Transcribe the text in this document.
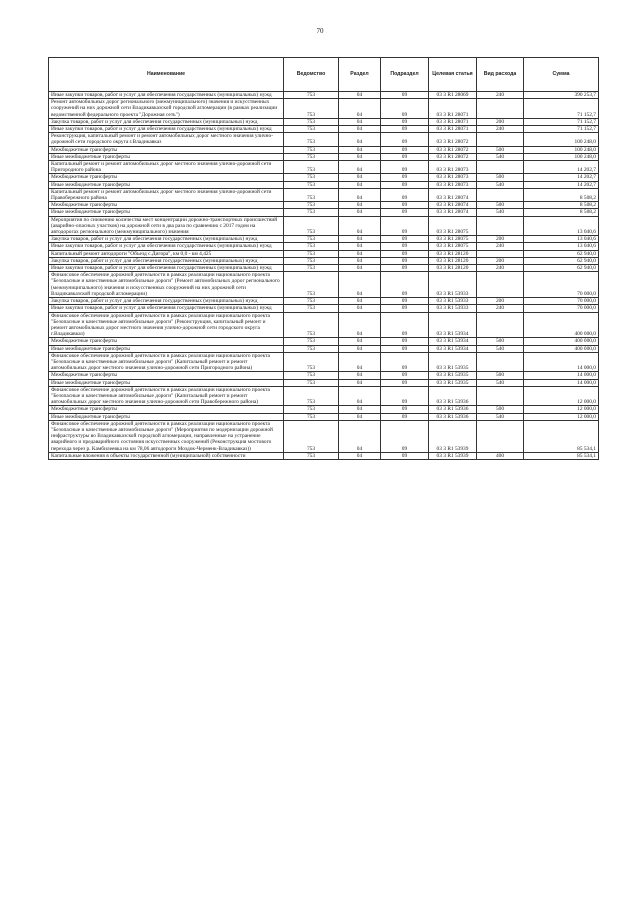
70
Наименование	Ведомство	Раздел	Подраздел	Целевая статья	Вид расхода	Сумма
Иные закупки товаров, работ и услуг для обеспечения государственных (муниципальных) нужд	753	04	09	03 3 R1 28069	240	390 253,7
Ремонт автомобильных дорог регионального (межмуниципального) значения и искусственных сооружений на них дорожной сети Владикавказской городской агломерации (в рамках реализации ведомственной федерального проекта "Дорожная сеть")	753	04	09	03 3 R1 28071		71 152,7
Закупка товаров, работ и услуг для обеспечения государственных (муниципальных) нужд	753	04	09	03 3 R1 28071	200	71 152,7
Иные закупки товаров, работ и услуг для обеспечения государственных (муниципальных) нужд	753	04	09	03 3 R1 28071	240	71 152,7
Реконструкция, капитальный ремонт и ремонт автомобильных дорог местного значения улично-дорожной сети городского округа г.Владикавказ	753	04	09	03 3 R1 28072		100 248,0
Межбюджетные трансферты	753	04	09	03 3 R1 28072	500	100 248,0
Иные межбюджетные трансферты	753	04	09	03 3 R1 28072	540	100 248,0
Капитальный ремонт и ремонт автомобильных дорог местного значения улично-дорожной сети Пригородного района	753	04	09	03 3 R1 28073		14 202,7
Межбюджетные трансферты	753	04	09	03 3 R1 28073	500	14 202,7
Иные межбюджетные трансферты	753	04	09	03 3 R1 28073	540	14 202,7
Капитальный ремонт и ремонт автомобильных дорог местного значения улично-дорожной сети Правобережного района	753	04	09	03 3 R1 28074		8 508,2
Межбюджетные трансферты	753	04	09	03 3 R1 28074	500	8 508,2
Иные межбюджетные трансферты	753	04	09	03 3 R1 28074	540	8 508,2
Мероприятия по снижению количества мест концентрации дорожно-транспортных происшествий (аварийно-опасных участков) на дорожной сети в два раза по сравнению с 2017 годом на автодорогах регионального (межмуниципального) значения	753	04	09	03 3 R1 28075		13 040,6
Закупка товаров, работ и услуг для обеспечения государственных (муниципальных) нужд	753	04	09	03 3 R1 28075	200	13 040,6
Иные закупки товаров, работ и услуг для обеспечения государственных (муниципальных) нужд	753	04	09	03 3 R1 28075	240	13 040,6
Капитальный ремонт автодороги "Объезд с.Дигора", км 0,0 - км 4,425	753	04	09	03 3 R1 28120		62 940,0
Закупка товаров, работ и услуг для обеспечения государственных (муниципальных) нужд	753	04	09	03 3 R1 28120	200	62 940,0
Иные закупки товаров, работ и услуг для обеспечения государственных (муниципальных) нужд	753	04	09	03 3 R1 28120	240	62 940,0
Финансовое обеспечение дорожной деятельности в рамках реализации национального проекта "Безопасные и качественные автомобильные дороги" (Ремонт автомобильных дорог регионального (межмуниципального) значения и искусственных сооружений на них дорожной сети Владикавказской городской агломерации)	753	04	09	03 3 R1 53933		70 000,0
Закупка товаров, работ и услуг для обеспечения государственных (муниципальных) нужд	753	04	09	03 3 R1 53933	200	70 000,0
Иные закупки товаров, работ и услуг для обеспечения государственных (муниципальных) нужд	753	04	09	03 3 R1 53933	240	70 000,0
Финансовое обеспечение дорожной деятельности в рамках реализации национального проекта "Безопасные и качественные автомобильные дороги" (Реконструкция, капитальный ремонт и ремонт автомобильных дорог местного значения улично-дорожной сети городского округа г.Владикавказ)	753	04	09	03 3 R1 53934		400 000,0
Межбюджетные трансферты	753	04	09	03 3 R1 53934	500	400 000,0
Иные межбюджетные трансферты	753	04	09	03 3 R1 53934	540	400 000,0
Финансовое обеспечение дорожной деятельности в рамках реализации национального проекта "Безопасные и качественные автомобильные дороги" (Капитальный ремонт и ремонт автомобильных дорог местного значения улично-дорожной сети Пригородного района)	753	04	09	03 3 R1 53935		14 000,0
Межбюджетные трансферты	753	04	09	03 3 R1 53935	500	14 000,0
Иные межбюджетные трансферты	753	04	09	03 3 R1 53935	540	14 000,0
Финансовое обеспечение дорожной деятельности в рамках реализации национального проекта "Безопасные и качественные автомобильные дороги" (Капитальный ремонт и ремонт автомобильных дорог местного значения улично-дорожной сети Правобережного района)	753	04	09	03 3 R1 53936		12 000,0
Межбюджетные трансферты	753	04	09	03 3 R1 53936	500	12 000,0
Иные межбюджетные трансферты	753	04	09	03 3 R1 53936	540	12 000,0
Финансовое обеспечение дорожной деятельности в рамках реализации национального проекта "Безопасные и качественные автомобильные дороги" (Мероприятия по модернизации дорожной инфраструктуры во Владикавказской городской агломерации, направленные на устранение аварийного и предаварийного состояния искусственных сооружений (Реконструкция мостового перехода через р. Камбилеевка на км 78,06 автодороги Моздок-Черменк-Владикавказ))	753	04	09	03 3 R1 53939		85 534,1
Капитальные вложения в объекты государственной (муниципальной) собственности	753	04	09	03 3 R1 53939	400	85 534,1
